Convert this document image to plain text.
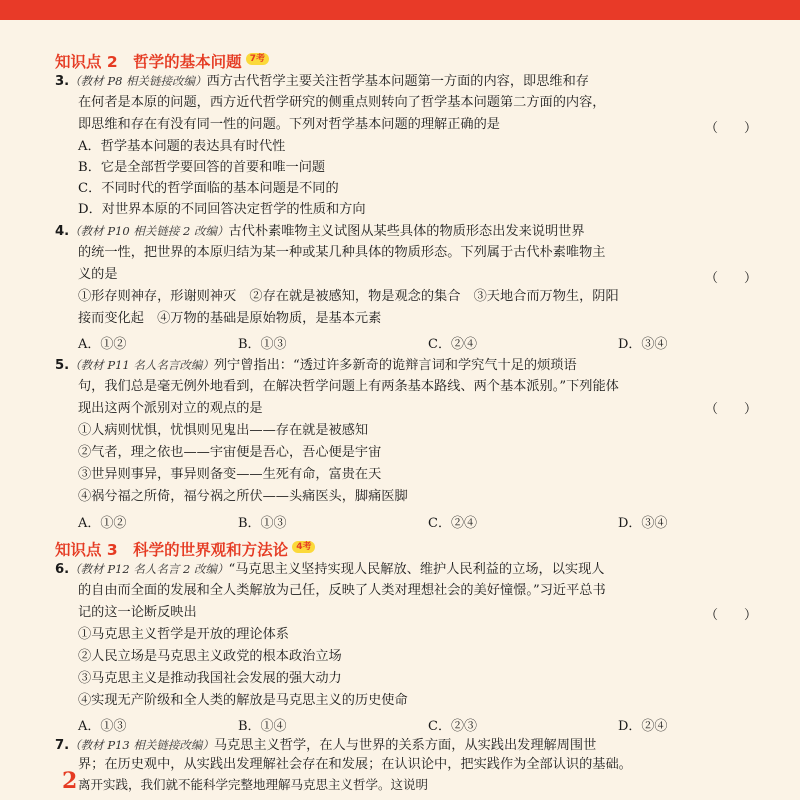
知识点 2　哲学的基本问题 7考
3.（教材 P8 相关链接改编）西方古代哲学主要关注哲学基本问题第一方面的内容，即思维和存
在何者是本原的问题，西方近代哲学研究的侧重点则转向了哲学基本问题第二方面的内容，
即思维和存在有没有同一性的问题。下列对哲学基本问题的理解正确的是	（　　）
A．哲学基本问题的表达具有时代性
B．它是全部哲学要回答的首要和唯一问题
C．不同时代的哲学面临的基本问题是不同的
D．对世界本原的不同回答决定哲学的性质和方向
4.（教材 P10 相关链接 2 改编）古代朴素唯物主义试图从某些具体的物质形态出发来说明世界
的统一性，把世界的本原归结为某一种或某几种具体的物质形态。下列属于古代朴素唯物主
义的是	（　　）
①形存则神存，形谢则神灭　②存在就是被感知，物是观念的集合　③天地合而万物生，阴阳
接而变化起　④万物的基础是原始物质，是基本元素
A．①②	B．①③	C．②④	D．③④
5.（教材 P11 名人名言改编）列宁曾指出：“透过许多新奇的诡辩言词和学究气十足的烦琐语
句，我们总是毫无例外地看到，在解决哲学问题上有两条基本路线、两个基本派别。”下列能体
现出这两个派别对立的观点的是	（　　）
①人病则忧惧，忧惧则见鬼出——存在就是被感知
②气者，理之依也——宇宙便是吾心，吾心便是宇宙
③世异则事异，事异则备变——生死有命，富贵在天
④祸兮福之所倚，福兮祸之所伏——头痛医头，脚痛医脚
A．①②	B．①③	C．②④	D．③④
知识点 3　科学的世界观和方法论 4考
6.（教材 P12 名人名言 2 改编）“马克思主义坚持实现人民解放、维护人民利益的立场，以实现人
的自由而全面的发展和全人类解放为己任，反映了人类对理想社会的美好憧憬。”习近平总书
记的这一论断反映出	（　　）
①马克思主义哲学是开放的理论体系
②人民立场是马克思主义政党的根本政治立场
③马克思主义是推动我国社会发展的强大动力
④实现无产阶级和全人类的解放是马克思主义的历史使命
A．①③	B．①④	C．②③	D．②④
7.（教材 P13 相关链接改编）马克思主义哲学，在人与世界的关系方面，从实践出发理解周围世
界；在历史观中，从实践出发理解社会存在和发展；在认识论中，把实践作为全部认识的基础。
离开实践，我们就不能科学完整地理解马克思主义哲学。这说明
2
